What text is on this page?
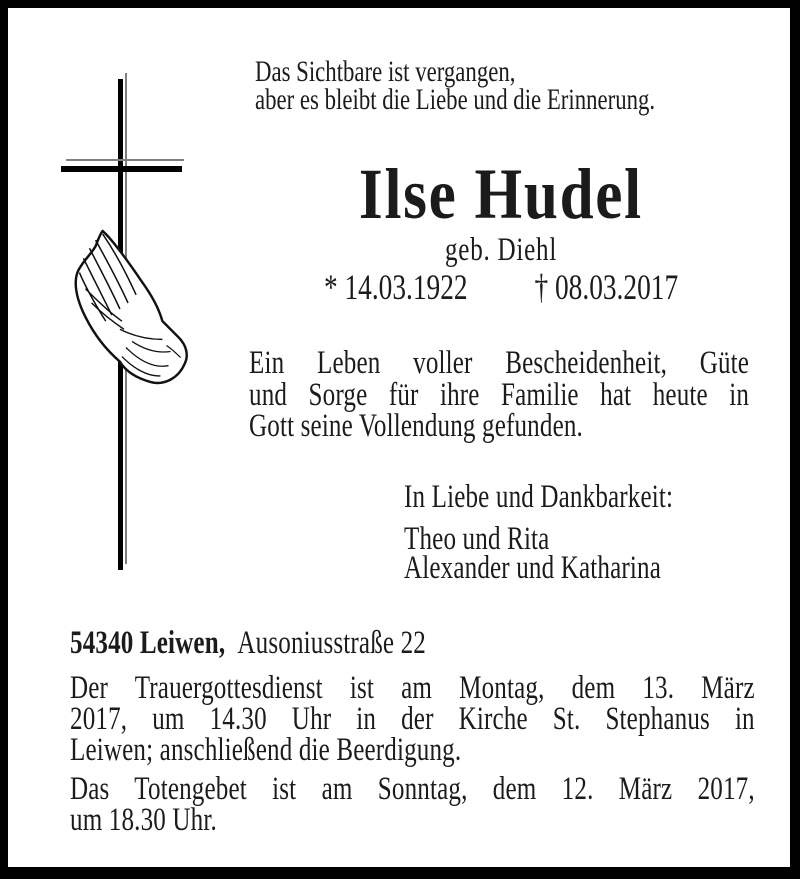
Das Sichtbare ist vergangen,
aber es bleibt die Liebe und die Erinnerung.
Ilse Hudel
geb. Diehl
* 14.03.1922 † 08.03.2017
Ein Leben voller Bescheidenheit, Güte
und Sorge für ihre Familie hat heute in
Gott seine Vollendung gefunden.
In Liebe und Dankbarkeit:
Theo und Rita
Alexander und Katharina
54340 Leiwen, Ausoniusstraße 22
Der Trauergottesdienst ist am Montag, dem 13. März
2017, um 14.30 Uhr in der Kirche St. Stephanus in
Leiwen; anschließend die Beerdigung.
Das Totengebet ist am Sonntag, dem 12. März 2017,
um 18.30 Uhr.
